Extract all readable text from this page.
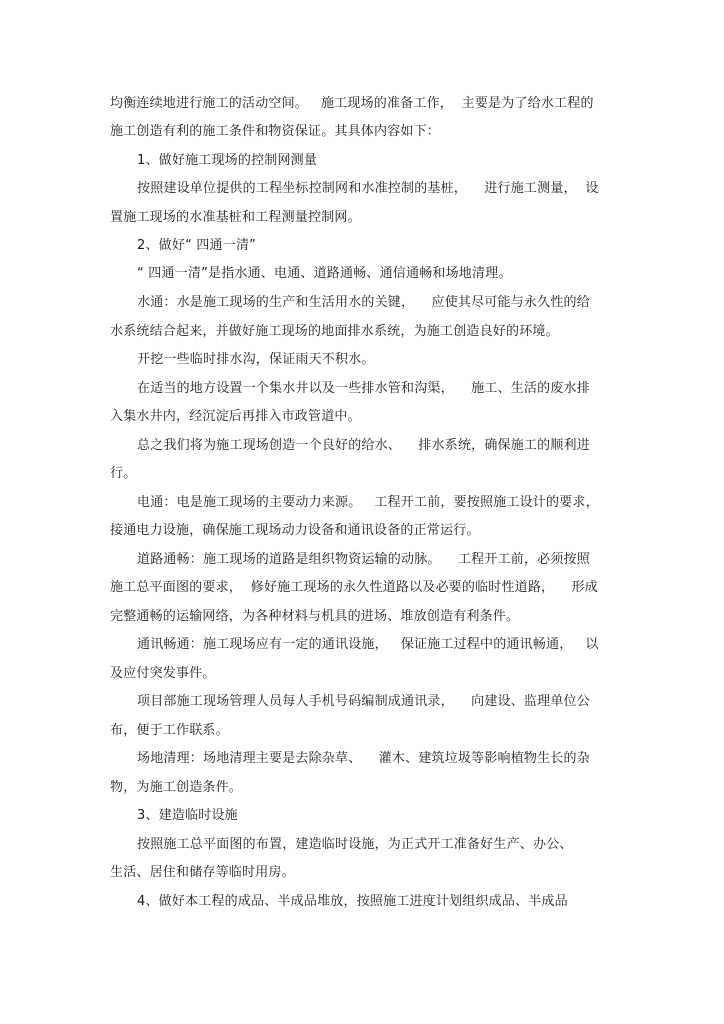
均衡连续地进行施工的活动空间。   施工现场的准备工作，  主要是为了给水工程的
施工创造有利的施工条件和物资保证。其具体内容如下：
1、做好施工现场的控制网测量
按照建设单位提供的工程坐标控制网和水准控制的基桩，    进行施工测量，  设
置施工现场的水准基桩和工程测量控制网。
2、做好“ 四通一清”
“ 四通一清”是指水通、电通、道路通畅、通信通畅和场地清理。
水通：水是施工现场的生产和生活用水的关键，    应使其尽可能与永久性的给
水系统结合起来，并做好施工现场的地面排水系统，为施工创造良好的环境。
开挖一些临时排水沟，保证雨天不积水。
在适当的地方设置一个集水井以及一些排水管和沟渠，    施工、生活的废水排
入集水井内，经沉淀后再排入市政管道中。
总之我们将为施工现场创造一个良好的给水、    排水系统，确保施工的顺利进
行。
电通：电是施工现场的主要动力来源。   工程开工前，要按照施工设计的要求，
接通电力设施，确保施工现场动力设备和通讯设备的正常运行。
道路通畅：施工现场的道路是组织物资运输的动脉。    工程开工前，必须按照
施工总平面图的要求，  修好施工现场的永久性道路以及必要的临时性道路，    形成
完整通畅的运输网络，为各种材料与机具的进场、堆放创造有利条件。
通讯畅通：施工现场应有一定的通讯设施，   保证施工过程中的通讯畅通，   以
及应付突发事件。
项目部施工现场管理人员每人手机号码编制成通讯录，    向建设、监理单位公
布，便于工作联系。
场地清理：场地清理主要是去除杂草、    灌木、建筑垃圾等影响植物生长的杂
物，为施工创造条件。
3、建造临时设施
按照施工总平面图的布置，建造临时设施，为正式开工准备好生产、办公、
生活、居住和储存等临时用房。
4、做好本工程的成品、半成品堆放，按照施工进度计划组织成品、半成品
